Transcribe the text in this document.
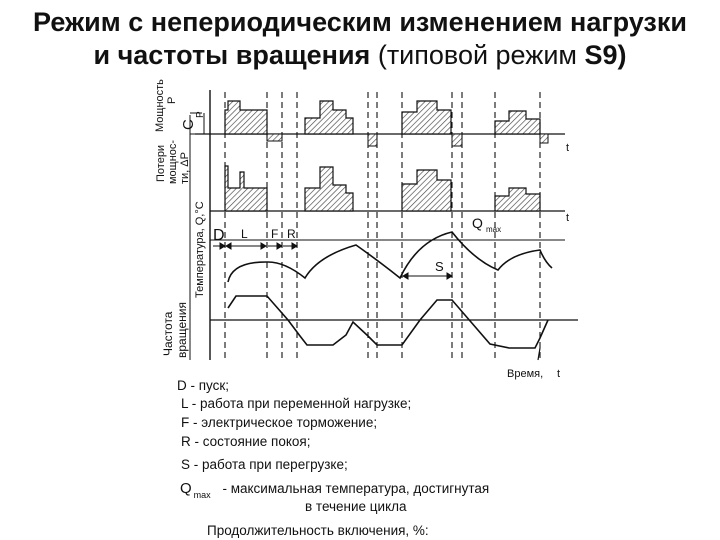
Режим с непериодическим изменением нагрузки
и частоты вращения (типовой режим S9)
Мощность P
C
P
Потери мощнос- ти, ΔP
Температура, Q,°C
Частота вращения
t
t
Время, t
D L F R
S
Q max
D - пуск;
L - работа при переменной нагрузке;
F - электрическое торможение;
R - состояние покоя;
S - работа при перегрузке;
Q $_{max}$ - максимальная температура, достигнутая
в течение цикла
Продолжительность включения, %:
